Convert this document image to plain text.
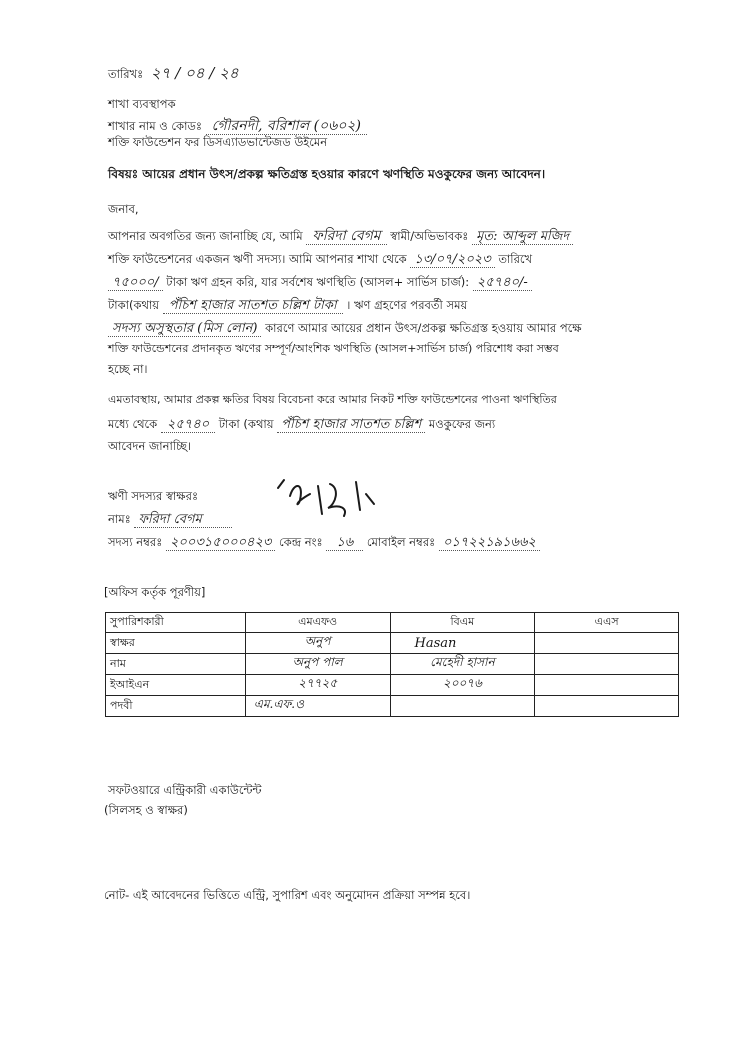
তারিখঃ ২৭ / ০৪ / ২৪
শাখা ব্যবস্থাপক
শাখার নাম ও কোডঃ গৌরনদী, বরিশাল (০৬০২)
শক্তি ফাউন্ডেশন ফর ডিসএ্যাডভান্টেজড উইমেন
বিষয়ঃ আয়ের প্রধান উৎস/প্রকল্প ক্ষতিগ্রস্ত হওয়ার কারণে ঋণস্থিতি মওকুফের জন্য আবেদন।
জনাব,
আপনার অবগতির জন্য জানাচ্ছি যে, আমি ফরিদা বেগম স্বামী/অভিভাবকঃ মৃত: আব্দুল মজিদ
শক্তি ফাউন্ডেশনের একজন ঋণী সদস্য। আমি আপনার শাখা থেকে ১৩/০৭/২০২৩ তারিখে
৭৫০০০/ টাকা ঋণ গ্রহন করি, যার সর্বশেষ ঋণস্থিতি (আসল+ সার্ভিস চার্জ): ২৫৭৪০/-
টাকা(কথায় পঁচিশ হাজার সাতশত চল্লিশ টাকা । ঋণ গ্রহণের পরবর্তী সময়
সদস্য অসুস্থতার (মিস লোন) কারণে আমার আয়ের প্রধান উৎস/প্রকল্প ক্ষতিগ্রস্ত হওয়ায় আমার পক্ষে
শক্তি ফাউন্ডেশনের প্রদানকৃত ঋণের সম্পূর্ণ/আংশিক ঋণস্থিতি (আসল+সার্ভিস চার্জ) পরিশোধ করা সম্ভব
হচ্ছে না।
এমতাবস্থায়, আমার প্রকল্প ক্ষতির বিষয় বিবেচনা করে আমার নিকট শক্তি ফাউন্ডেশনের পাওনা ঋণস্থিতির
মধ্যে থেকে ২৫৭৪০ টাকা (কথায় পঁচিশ হাজার সাতশত চল্লিশ মওকুফের জন্য
আবেদন জানাচ্ছি।
ঋণী সদস্যর স্বাক্ষরঃ
নামঃ ফরিদা বেগম
সদস্য নম্বরঃ ২০০৩১৫০০০৪২৩ কেন্দ্র নংঃ ১৬ মোবাইল নম্বরঃ ০১৭২২১৯১৬৬২
[অফিস কর্তৃক পূরণীয়]
সুপারিশকারী	এমএফও	বিএম	এএস
স্বাক্ষর	অনুপ	Hasan	
নাম	অনুপ পাল	মেহেদী হাসান	
ইআইএন	২৭৭২৫	২০০৭৬	
পদবী	এম.এফ.ও		
সফটওয়ারে এন্ট্রিকারী একাউন্টেন্ট
(সিলসহ ও স্বাক্ষর)
নোট- এই আবেদনের ভিত্তিতে এন্ট্রি, সুপারিশ এবং অনুমোদন প্রক্রিয়া সম্পন্ন হবে।
